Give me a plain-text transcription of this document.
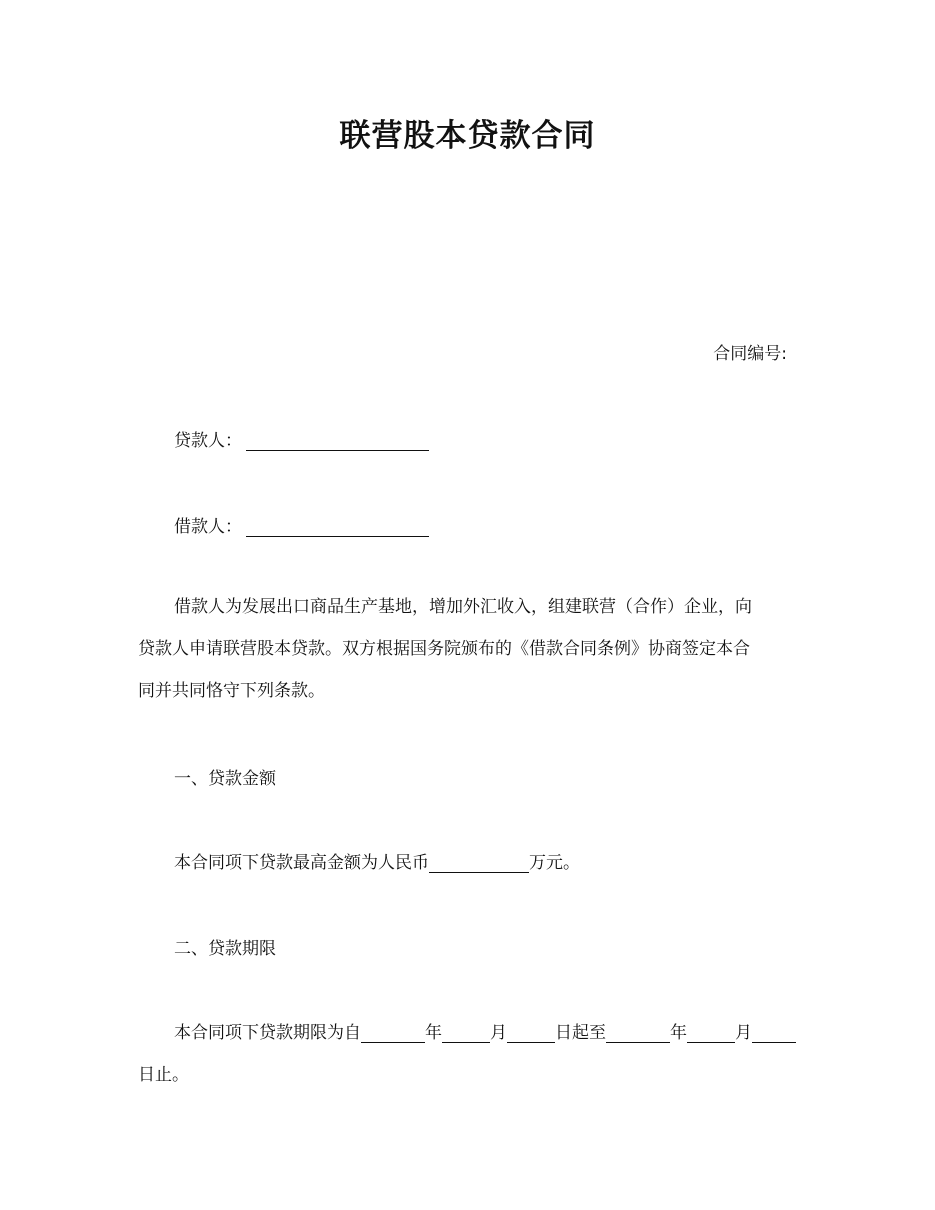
联营股本贷款合同
合同编号:
贷款人：
借款人：
借款人为发展出口商品生产基地，增加外汇收入，组建联营（合作）企业，向
贷款人申请联营股本贷款。双方根据国务院颁布的《借款合同条例》协商签定本合
同并共同恪守下列条款。
一、贷款金额
本合同项下贷款最高金额为人民币	万元。
二、贷款期限
本合同项下贷款期限为自	年	月	日起至	年	月
日止。
